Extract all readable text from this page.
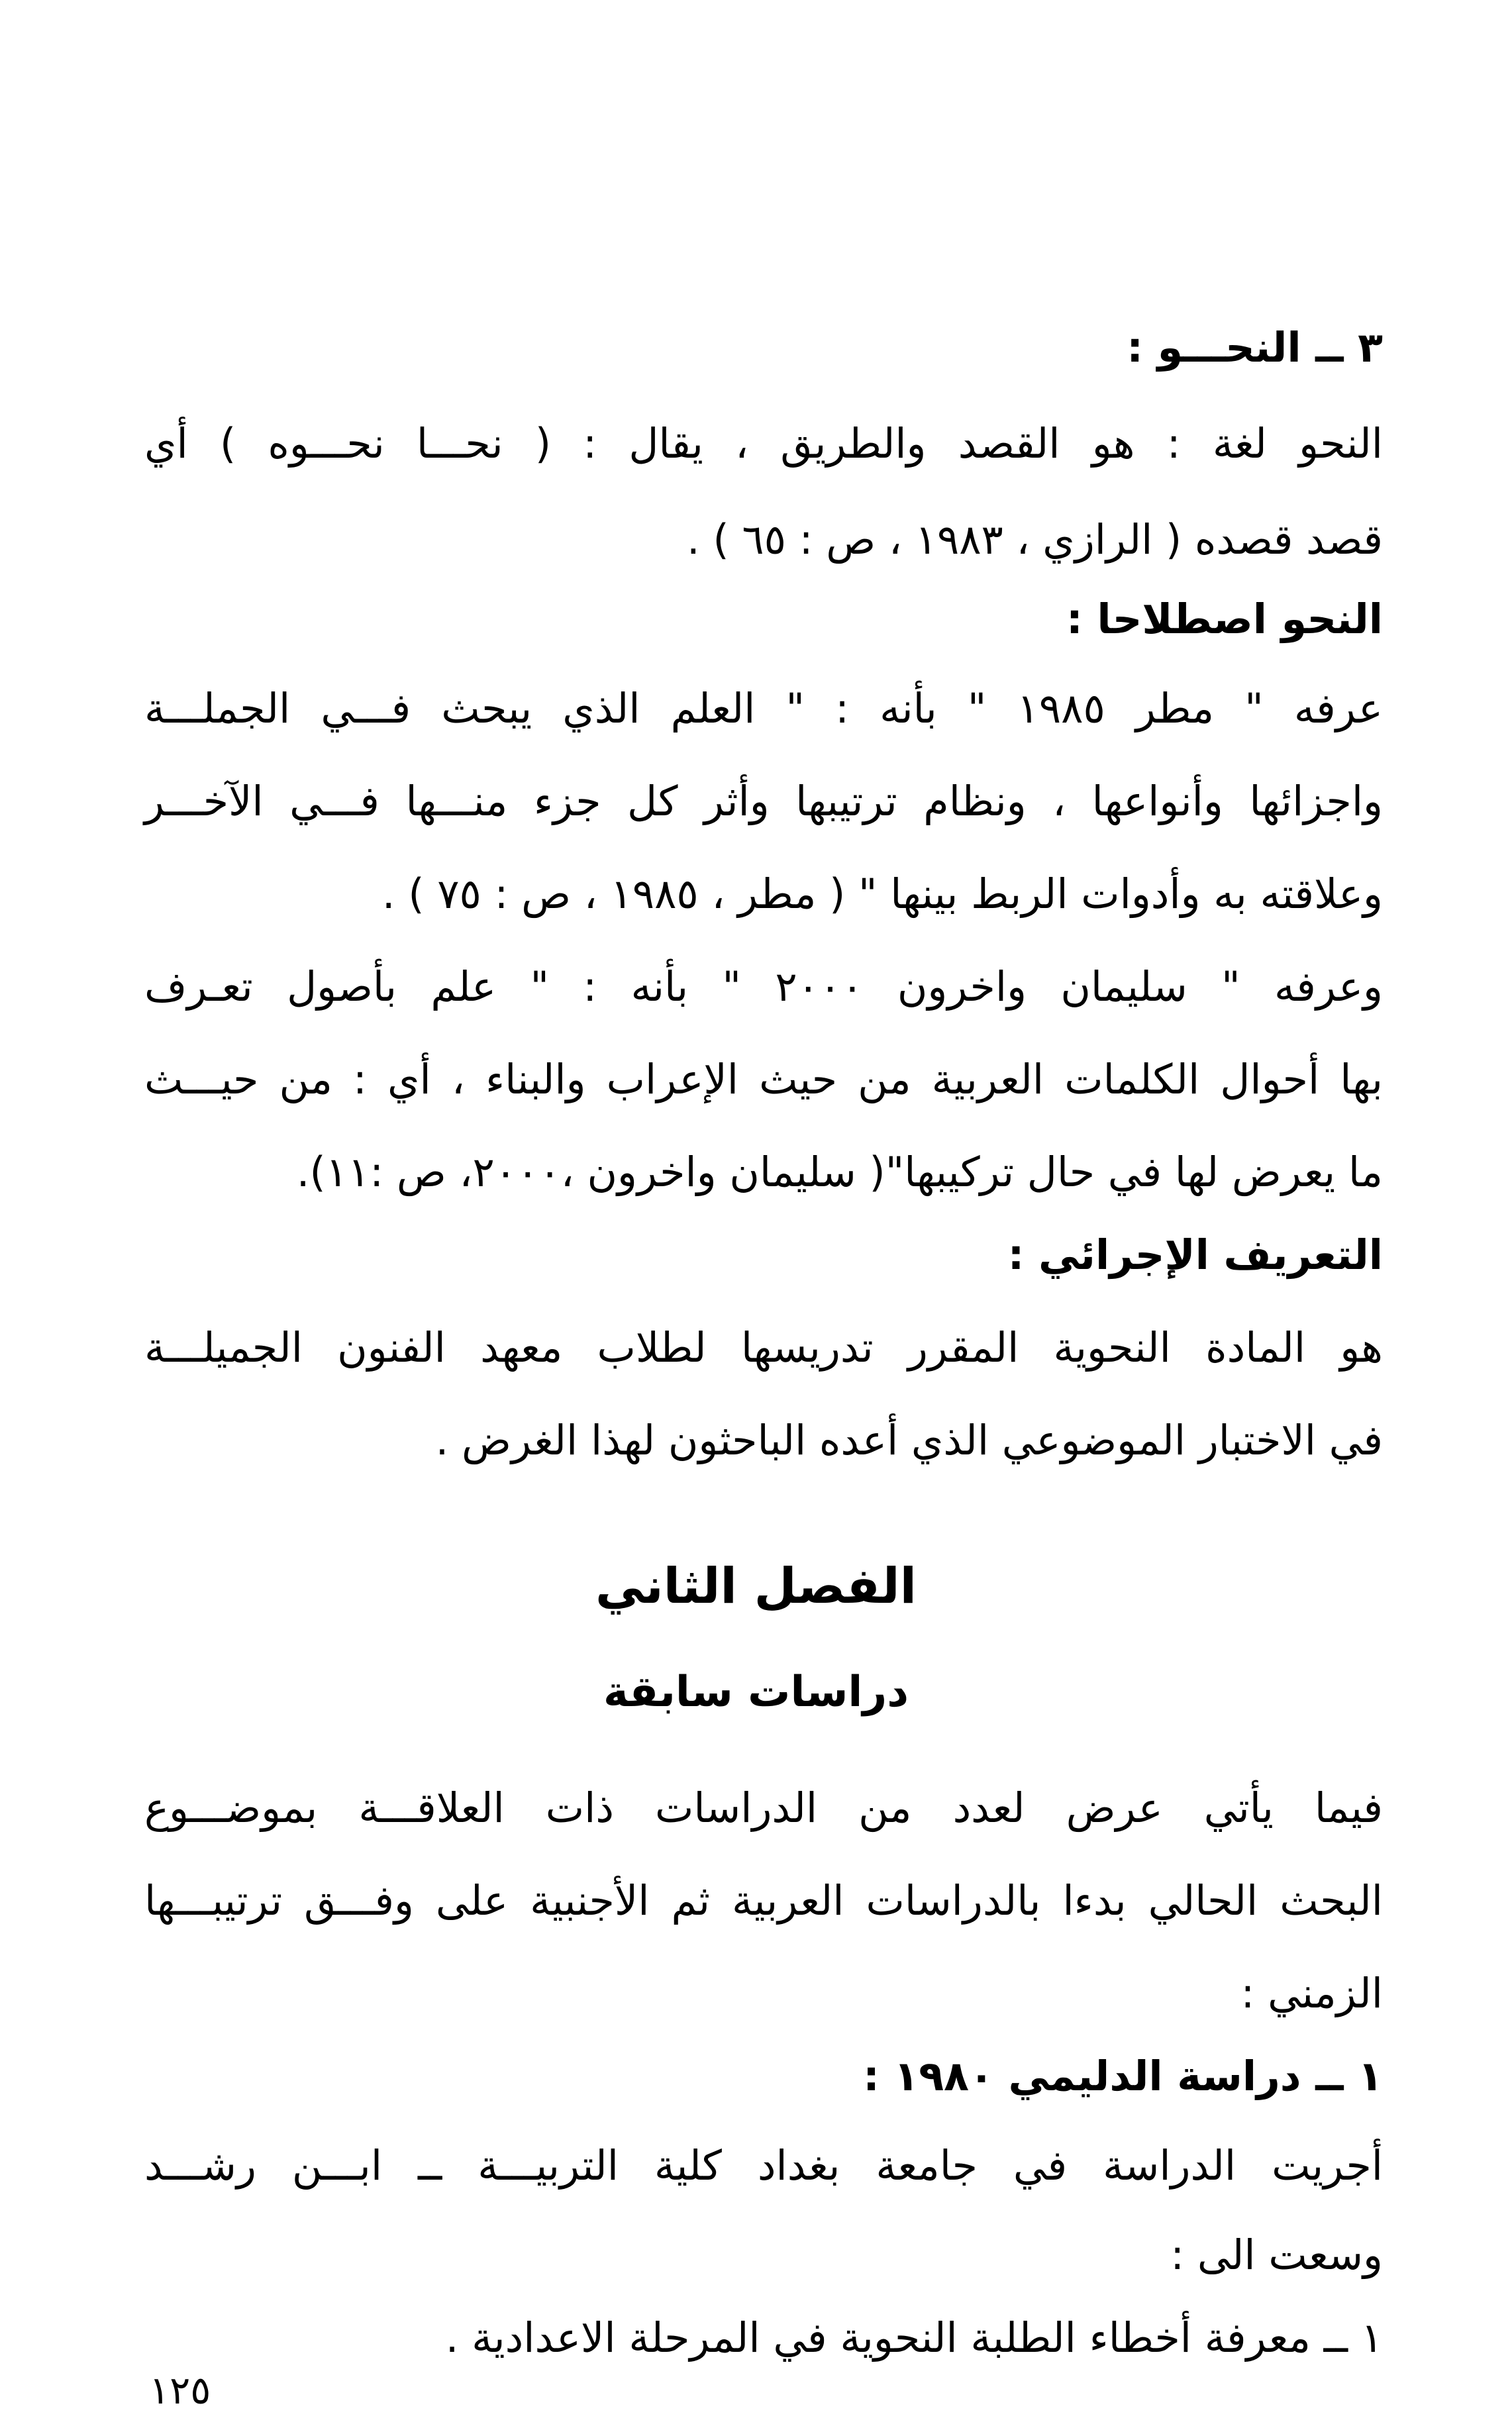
٣ ــ النحـــو :
النحو لغة : هو القصد والطريق ، يقال : ( نحـــا نحـــوه ) أي
قصد قصده ( الرازي ، ١٩٨٣ ، ص : ٦٥ ) .
النحو اصطلاحا :
عرفه " مطر ١٩٨٥ " بأنه : " العلم الذي يبحث فـــي الجملـــة
واجزائها وأنواعها ، ونظام ترتيبها وأثر كل جزء منـــها فـــي الآخـــر
وعلاقته به وأدوات الربط بينها " ( مطر ، ١٩٨٥ ، ص : ٧٥ ) .
وعرفه " سليمان واخرون ٢٠٠٠ " بأنه : " علم بأصول تعـرف
بها أحوال الكلمات العربية من حيث الإعراب والبناء ، أي : من حيـــث
ما يعرض لها في حال تركيبها"( سليمان واخرون ،٢٠٠٠، ص :١١).
التعريف الإجرائي :
هو المادة النحوية المقرر تدريسها لطلاب معهد الفنون الجميلـــة
في الاختبار الموضوعي الذي أعده الباحثون لهذا الغرض .
الفصل الثاني
دراسات سابقة
فيما يأتي عرض لعدد من الدراسات ذات العلاقـــة بموضـــوع
البحث الحالي بدءا بالدراسات العربية ثم الأجنبية على وفـــق ترتيبـــها
الزمني :
١ ــ دراسة الدليمي ١٩٨٠ :
أجريت الدراسة في جامعة بغداد كلية التربيـــة ــ ابـــن رشـــد
وسعت الى :
١ ــ معرفة أخطاء الطلبة النحوية في المرحلة الاعدادية .
١٢٥
